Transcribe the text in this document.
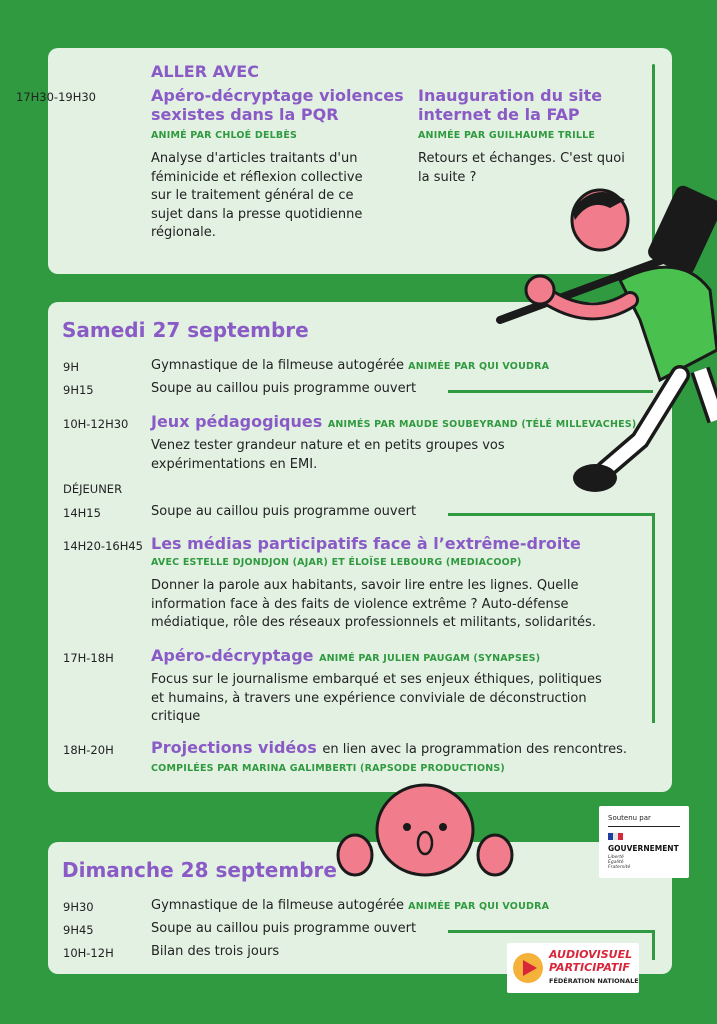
ALLER AVEC
17H30-19H30	Apéro-décryptage violences
sexistes dans la PQR
ANIMÉ PAR CHLOÉ DELBÈS
Analyse d'articles traitants d'un
féminicide et réflexion collective
sur le traitement général de ce
sujet dans la presse quotidienne
régionale.
Inauguration du site
internet de la FAP
ANIMÉE PAR GUILHAUME TRILLE
Retours et échanges. C'est quoi
la suite ?
Samedi 27 septembre
9H	Gymnastique de la filmeuse autogérée ANIMÉE PAR QUI VOUDRA
9H15	Soupe au caillou puis programme ouvert
10H-12H30 Jeux pédagogiques ANIMÉS PAR MAUDE SOUBEYRAND (TÉLÉ MILLEVACHES)
Venez tester grandeur nature et en petits groupes vos
expérimentations en EMI.
DÉJEUNER
14H15	Soupe au caillou puis programme ouvert
14H20-16H45 Les médias participatifs face à l’extrême-droite
AVEC ESTELLE DJONDJON (AJAR) ET ÉLOÏSE LEBOURG (MEDIACOOP)
Donner la parole aux habitants, savoir lire entre les lignes. Quelle
information face à des faits de violence extrême ? Auto-défense
médiatique, rôle des réseaux professionnels et militants, solidarités.
17H-18H Apéro-décryptage ANIMÉ PAR JULIEN PAUGAM (SYNAPSES)
Focus sur le journalisme embarqué et ses enjeux éthiques, politiques
et humains, à travers une expérience conviviale de déconstruction
critique
18H-20H Projections vidéos en lien avec la programmation des rencontres.
COMPILÉES PAR MARINA GALIMBERTI (RAPSODE PRODUCTIONS)
Dimanche 28 septembre
9H30	Gymnastique de la filmeuse autogérée ANIMÉE PAR QUI VOUDRA
9H45	Soupe au caillou puis programme ouvert
10H-12H	Bilan des trois jours
Soutenu par
GOUVERNEMENT
Liberté
Égalité
Fraternité
AUDIOVISUEL
PARTICIPATIF
FÉDÉRATION NATIONALE
